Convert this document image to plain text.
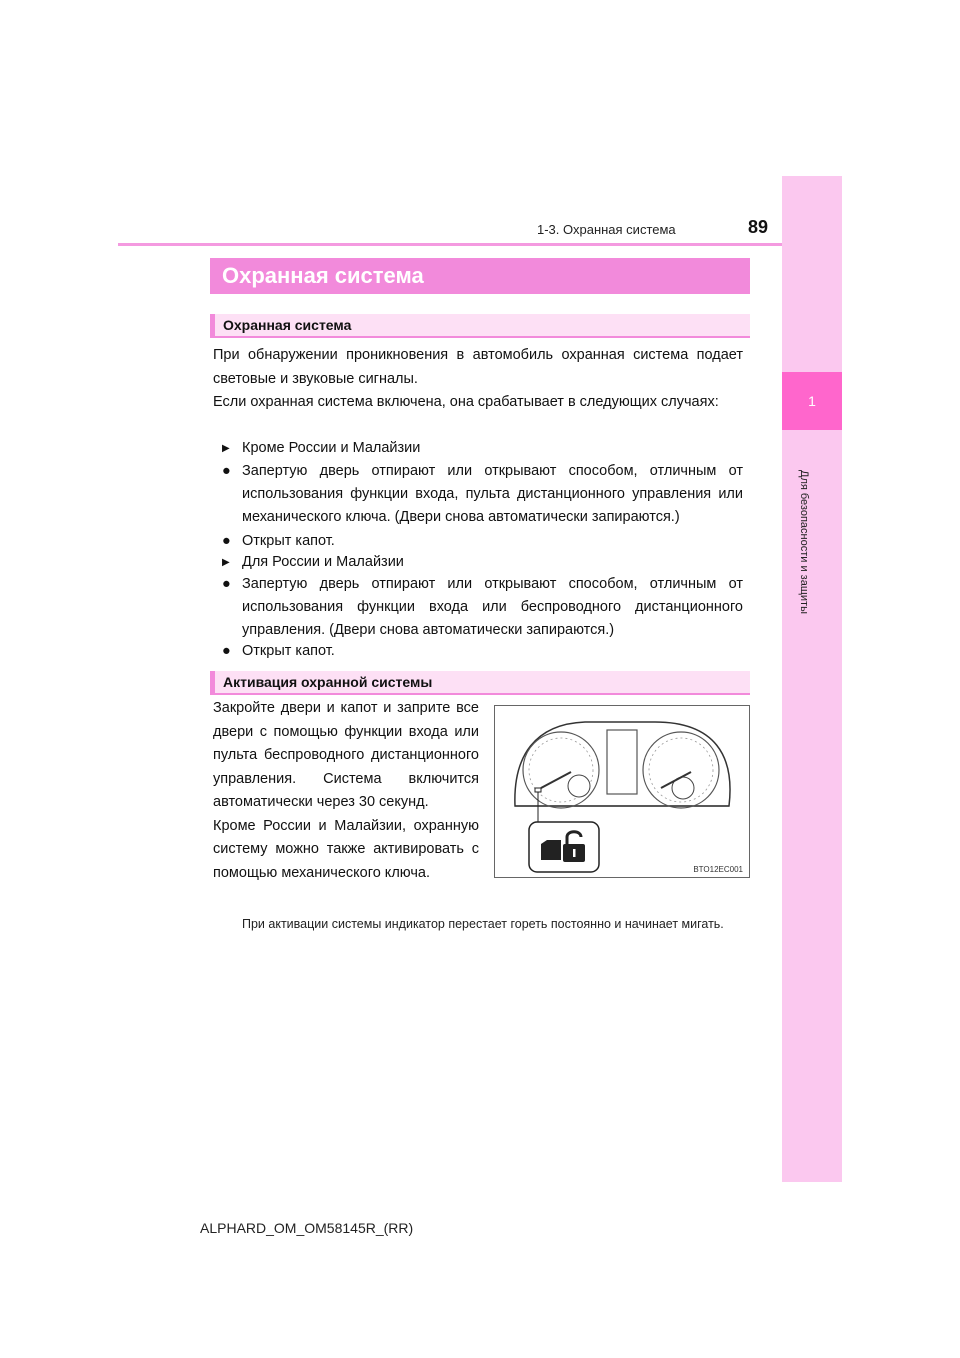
1
Для безопасности и защиты
1-3. Охранная система	89
Охранная система
Охранная система
При обнаружении проникновения в автомобиль охранная система подает световые и звуковые сигналы.
Если охранная система включена, она срабатывает в следующих случаях:
▶ Кроме России и Малайзии
● Запертую дверь отпирают или открывают способом, отличным от использования функции входа, пульта дистанционного управления или механического ключа. (Двери снова автоматически запираются.)
● Открыт капот.
▶ Для России и Малайзии
● Запертую дверь отпирают или открывают способом, отличным от использования функции входа или беспроводного дистанционного управления. (Двери снова автоматически запираются.)
● Открыт капот.
Активация охранной системы
Закройте двери и капот и заприте все двери с помощью функции входа или пульта беспроводного дистанционного управления. Система включится автоматически через 30 секунд.
Кроме России и Малайзии, охранную систему можно также активировать с помощью механического ключа.	BTO12EC001
При активации системы индикатор перестает гореть постоянно и начинает мигать.
ALPHARD_OM_OM58145R_(RR)
